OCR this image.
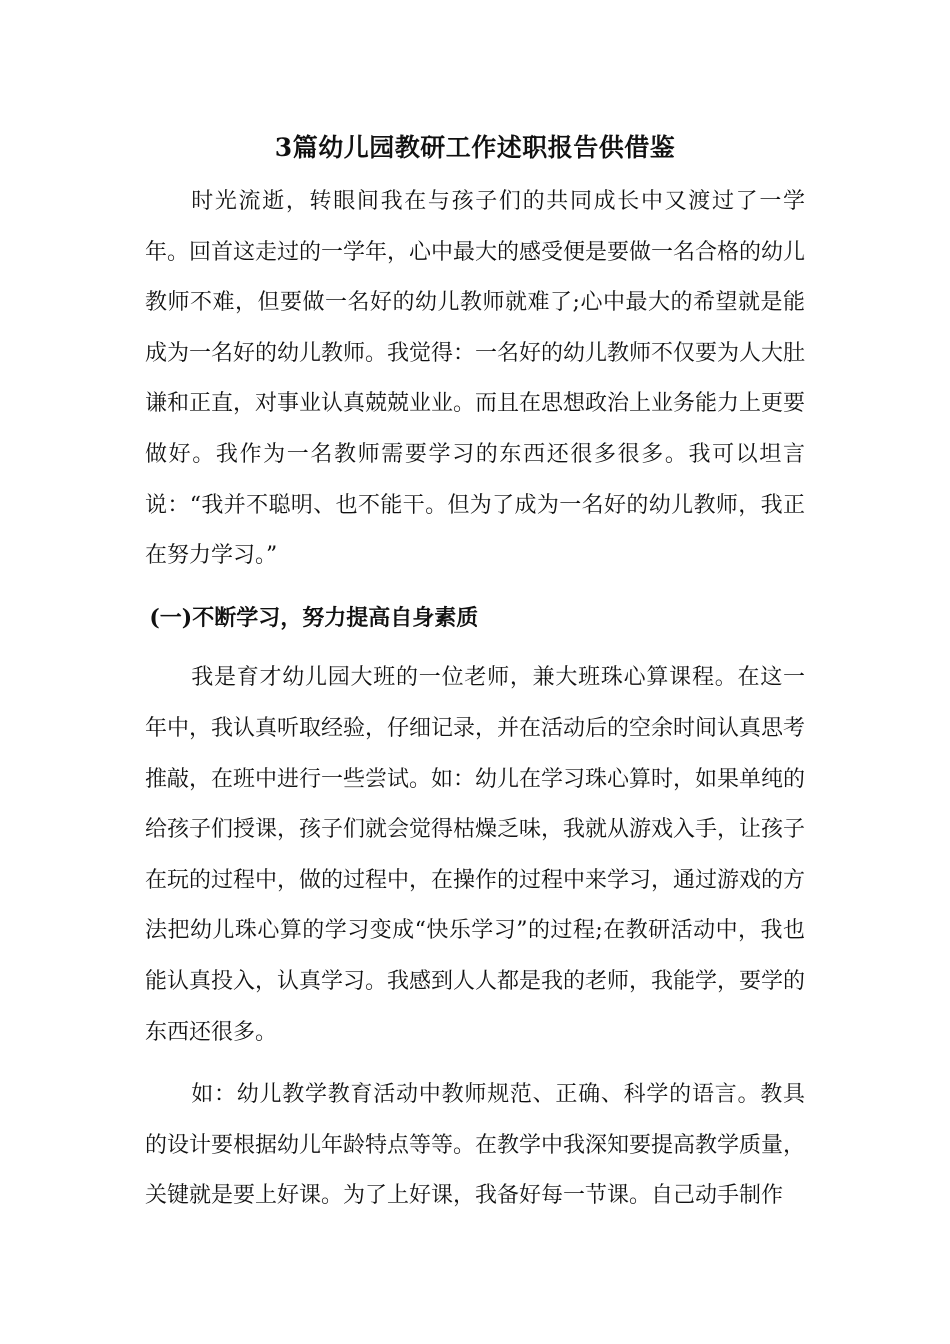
3篇幼儿园教研工作述职报告供借鉴

时光流逝，转眼间我在与孩子们的共同成长中又渡过了一学年。回首这走过的一学年，心中最大的感受便是要做一名合格的幼儿教师不难，但要做一名好的幼儿教师就难了;心中最大的希望就是能成为一名好的幼儿教师。我觉得：一名好的幼儿教师不仅要为人大肚谦和正直，对事业认真兢兢业业。而且在思想政治上业务能力上更要做好。我作为一名教师需要学习的东西还很多很多。我可以坦言说：“我并不聪明、也不能干。但为了成为一名好的幼儿教师，我正在努力学习。”

(一)不断学习，努力提高自身素质

我是育才幼儿园大班的一位老师，兼大班珠心算课程。在这一年中，我认真听取经验，仔细记录，并在活动后的空余时间认真思考推敲，在班中进行一些尝试。如：幼儿在学习珠心算时，如果单纯的给孩子们授课，孩子们就会觉得枯燥乏味，我就从游戏入手，让孩子在玩的过程中，做的过程中，在操作的过程中来学习，通过游戏的方法把幼儿珠心算的学习变成“快乐学习”的过程;在教研活动中，我也能认真投入，认真学习。我感到人人都是我的老师，我能学，要学的东西还很多。

如：幼儿教学教育活动中教师规范、正确、科学的语言。教具的设计要根据幼儿年龄特点等等。在教学中我深知要提高教学质量，关键就是要上好课。为了上好课，我备好每一节课。自己动手制作
